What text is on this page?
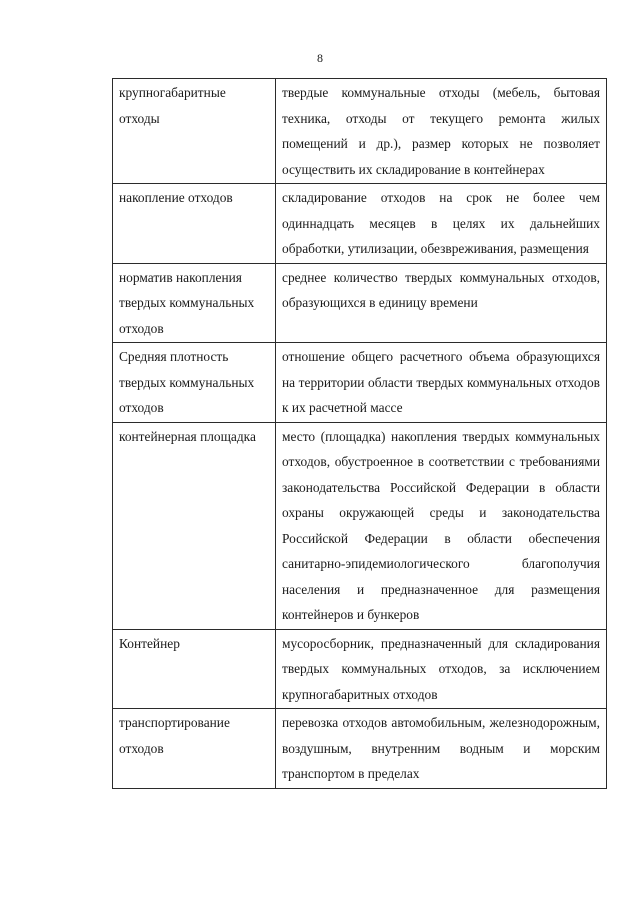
8
крупногабаритные отходы	твердые коммунальные отходы (мебель, бытовая техника, отходы от текущего ремонта жилых помещений и др.), размер которых не позволяет осуществить их складирование в контейнерах

накопление отходов	складирование отходов на срок не более чем одиннадцать месяцев в целях их дальнейших обработки, утилизации, обезвреживания, размещения

норматив накопления твердых коммунальных отходов	среднее количество твердых коммунальных отходов, образующихся в единицу времени

Средняя плотность твердых коммунальных отходов	отношение общего расчетного объема образующихся на территории области твердых коммунальных отходов к их расчетной массе

контейнерная площадка	место (площадка) накопления твердых коммунальных отходов, обустроенное в соответствии с требованиями законодательства Российской Федерации в области охраны окружающей среды и законодательства Российской Федерации в области обеспечения санитарно-эпидемиологического благополучия населения и предназначенное для размещения контейнеров и бункеров

Контейнер	мусоросборник, предназначенный для складирования твердых коммунальных отходов, за исключением крупногабаритных отходов

транспортирование отходов	перевозка отходов автомобильным, железнодорожным, воздушным, внутренним водным и морским транспортом в пределах
